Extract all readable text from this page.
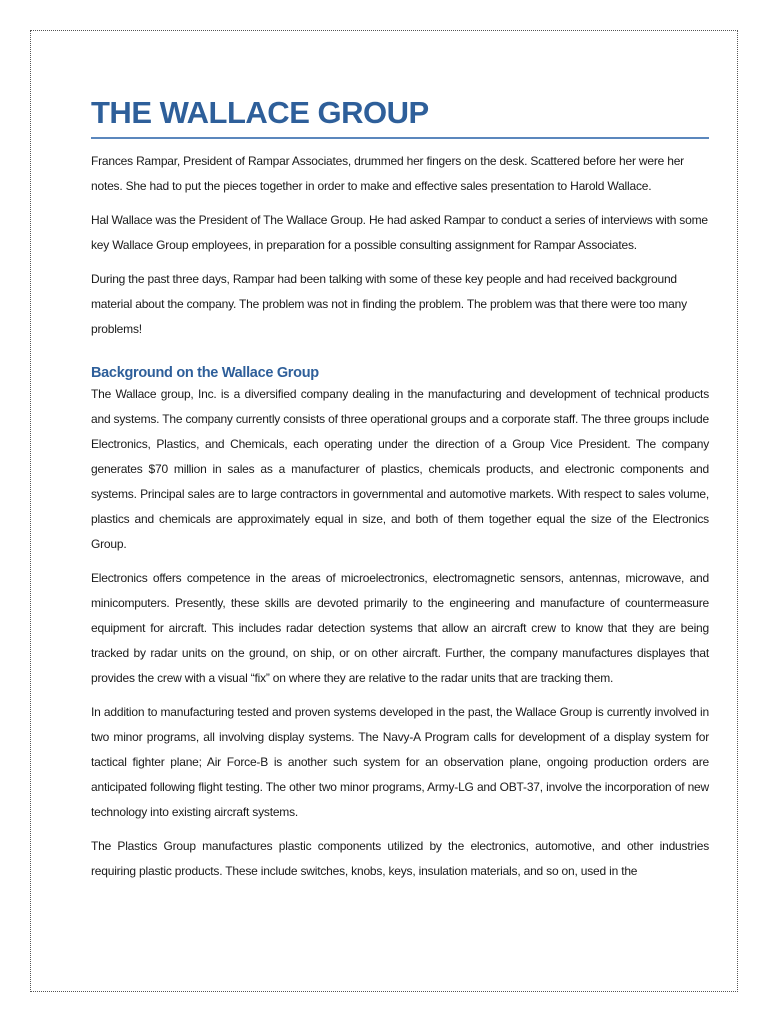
THE WALLACE GROUP

Frances Rampar, President of Rampar Associates, drummed her fingers on the desk. Scattered before her were her notes. She had to put the pieces together in order to make and effective sales presentation to Harold Wallace.

Hal Wallace was the President of The Wallace Group. He had asked Rampar to conduct a series of interviews with some key Wallace Group employees, in preparation for a possible consulting assignment for Rampar Associates.

During the past three days, Rampar had been talking with some of these key people and had received background material about the company. The problem was not in finding the problem. The problem was that there were too many problems!

Background on the Wallace Group

The Wallace group, Inc. is a diversified company dealing in the manufacturing and development of technical products and systems. The company currently consists of three operational groups and a corporate staff. The three groups include Electronics, Plastics, and Chemicals, each operating under the direction of a Group Vice President. The company generates $70 million in sales as a manufacturer of plastics, chemicals products, and electronic components and systems. Principal sales are to large contractors in governmental and automotive markets. With respect to sales volume, plastics and chemicals are approximately equal in size, and both of them together equal the size of the Electronics Group.

Electronics offers competence in the areas of microelectronics, electromagnetic sensors, antennas, microwave, and minicomputers. Presently, these skills are devoted primarily to the engineering and manufacture of countermeasure equipment for aircraft. This includes radar detection systems that allow an aircraft crew to know that they are being tracked by radar units on the ground, on ship, or on other aircraft. Further, the company manufactures displayes that provides the crew with a visual “fix” on where they are relative to the radar units that are tracking them.

In addition to manufacturing tested and proven systems developed in the past, the Wallace Group is currently involved in two minor programs, all involving display systems. The Navy-A Program calls for development of a display system for tactical fighter plane; Air Force-B is another such system for an observation plane, ongoing production orders are anticipated following flight testing. The other two minor programs, Army-LG and OBT-37, involve the incorporation of new technology into existing aircraft systems.

The Plastics Group manufactures plastic components utilized by the electronics, automotive, and other industries requiring plastic products. These include switches, knobs, keys, insulation materials, and so on, used in the
